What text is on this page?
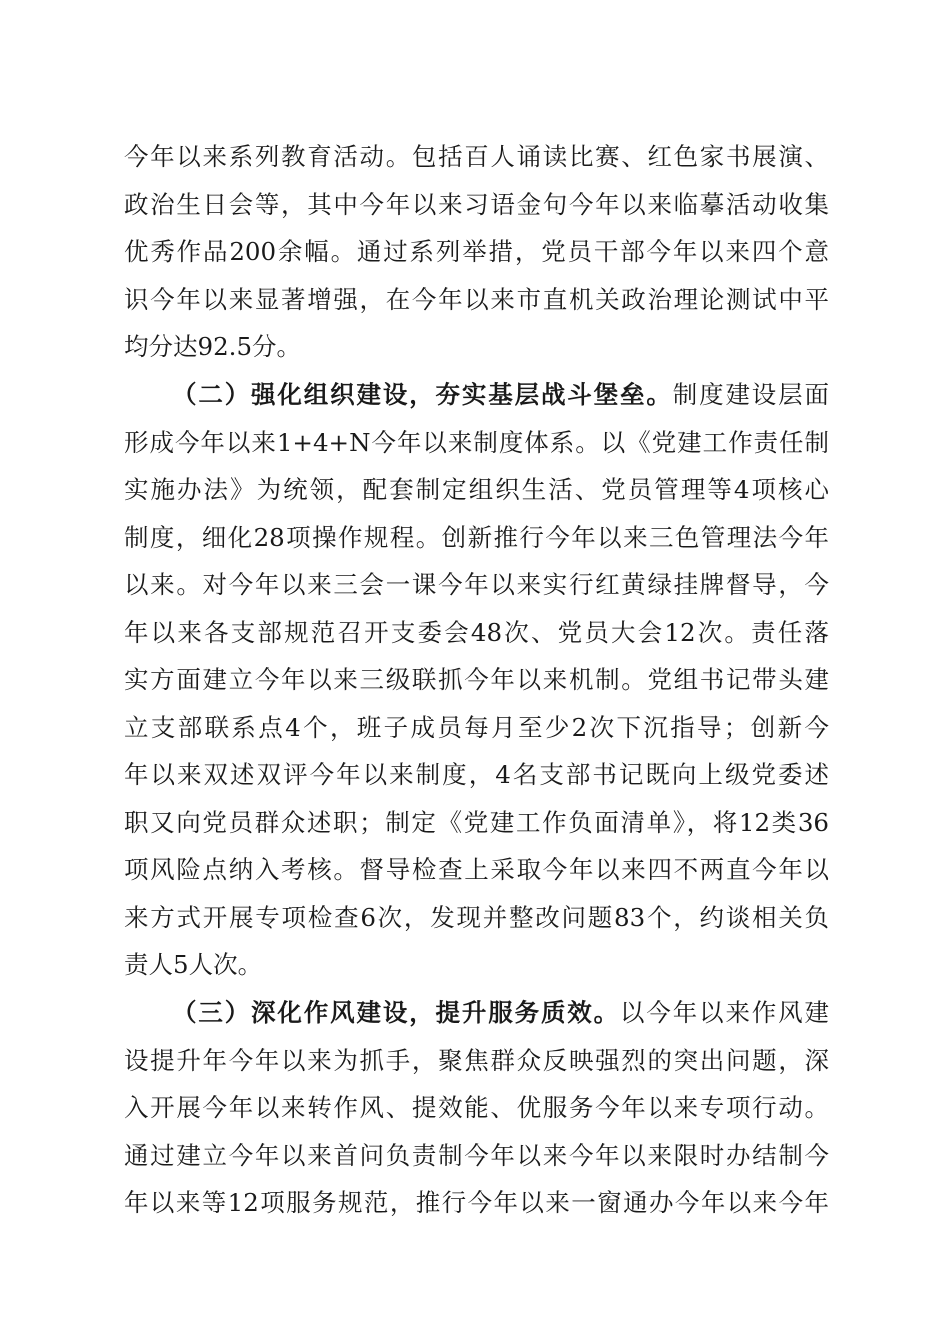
今年以来系列教育活动。包括百人诵读比赛、红色家书展演、
政治生日会等，其中今年以来习语金句今年以来临摹活动收集
优秀作品200余幅。通过系列举措，党员干部今年以来四个意
识今年以来显著增强，在今年以来市直机关政治理论测试中平
均分达92.5分。
（二）强化组织建设，夯实基层战斗堡垒。制度建设层面
形成今年以来1+4+N今年以来制度体系。以《党建工作责任制
实施办法》为统领，配套制定组织生活、党员管理等4项核心
制度，细化28项操作规程。创新推行今年以来三色管理法今年
以来。对今年以来三会一课今年以来实行红黄绿挂牌督导，今
年以来各支部规范召开支委会48次、党员大会12次。责任落
实方面建立今年以来三级联抓今年以来机制。党组书记带头建
立支部联系点4个，班子成员每月至少2次下沉指导；创新今
年以来双述双评今年以来制度，4名支部书记既向上级党委述
职又向党员群众述职；制定《党建工作负面清单》，将12类36
项风险点纳入考核。督导检查上采取今年以来四不两直今年以
来方式开展专项检查6次，发现并整改问题83个，约谈相关负
责人5人次。
（三）深化作风建设，提升服务质效。以今年以来作风建
设提升年今年以来为抓手，聚焦群众反映强烈的突出问题，深
入开展今年以来转作风、提效能、优服务今年以来专项行动。
通过建立今年以来首问负责制今年以来今年以来限时办结制今
年以来等12项服务规范，推行今年以来一窗通办今年以来今年
